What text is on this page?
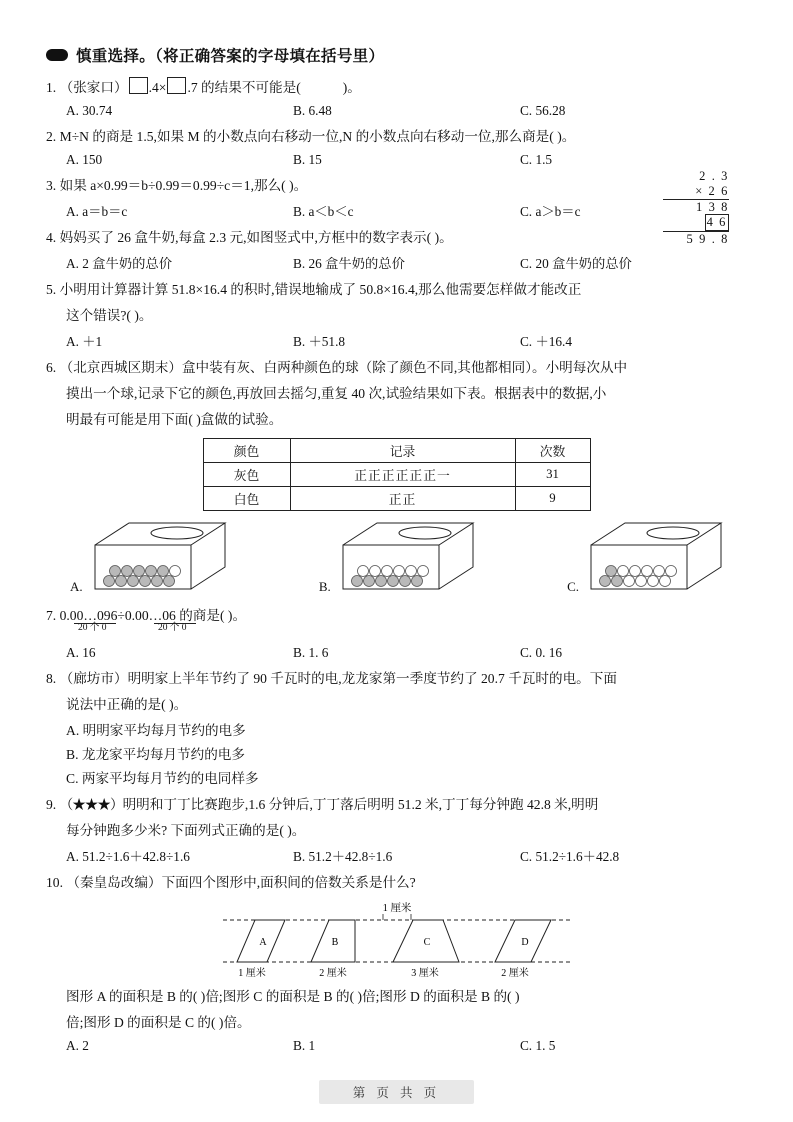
慎重选择。（将正确答案的字母填在括号里）
1. （张家口） .4× .7 的结果不可能是(	)。
A. 30.74	B. 6.48	C. 56.28
2. M÷N 的商是 1.5,如果 M 的小数点向右移动一位,N 的小数点向右移动一位,那么商是( )。
A. 150	B. 15	C. 1.5
3. 如果 a×0.99＝b÷0.99＝0.99÷c＝1,那么( )。
2 . 3
× 2 6
1 3 8
4 6
5 9 . 8
A. a＝b＝c	B. a＜b＜c	C. a＞b＝c
4. 妈妈买了 26 盒牛奶,每盒 2.3 元,如图竖式中,方框中的数字表示( )。
A. 2 盒牛奶的总价	B. 26 盒牛奶的总价	C. 20 盒牛奶的总价
5. 小明用计算器计算 51.8×16.4 的积时,错误地输成了 50.8×16.4,那么他需要怎样做才能改正
这个错误?( )。
A. ＋1	B. ＋51.8	C. ＋16.4
6. （北京西城区期末）盒中装有灰、白两种颜色的球（除了颜色不同,其他都相同）。小明每次从中
摸出一个球,记录下它的颜色,再放回去摇匀,重复 40 次,试验结果如下表。根据表中的数据,小
明最有可能是用下面( )盒做的试验。
颜色	记录	次数
灰色	正正正正正正一	31
白色	正正	9
A.	B.	C.
7. 0.00…096÷0.00…06 的商是( )。
20 个 0	20 个 0
A. 16	B. 1. 6	C. 0. 16
8. （廊坊市）明明家上半年节约了 90 千瓦时的电,龙龙家第一季度节约了 20.7 千瓦时的电。下面
说法中正确的是( )。
A. 明明家平均每月节约的电多
B. 龙龙家平均每月节约的电多
C. 两家平均每月节约的电同样多
9. （★★★）明明和丁丁比赛跑步,1.6 分钟后,丁丁落后明明 51.2 米,丁丁每分钟跑 42.8 米,明明
每分钟跑多少米? 下面列式正确的是( )。
A. 51.2÷1.6＋42.8÷1.6	B. 51.2＋42.8÷1.6	C. 51.2÷1.6＋42.8
10. （秦皇岛改编）下面四个图形中,面积间的倍数关系是什么?
1 厘米
A
1 厘米
B
2 厘米
C
3 厘米
D
2 厘米
图形 A 的面积是 B 的( )倍;图形 C 的面积是 B 的( )倍;图形 D 的面积是 B 的( )
倍;图形 D 的面积是 C 的( )倍。
A. 2	B. 1	C. 1. 5
第 页 共 页
